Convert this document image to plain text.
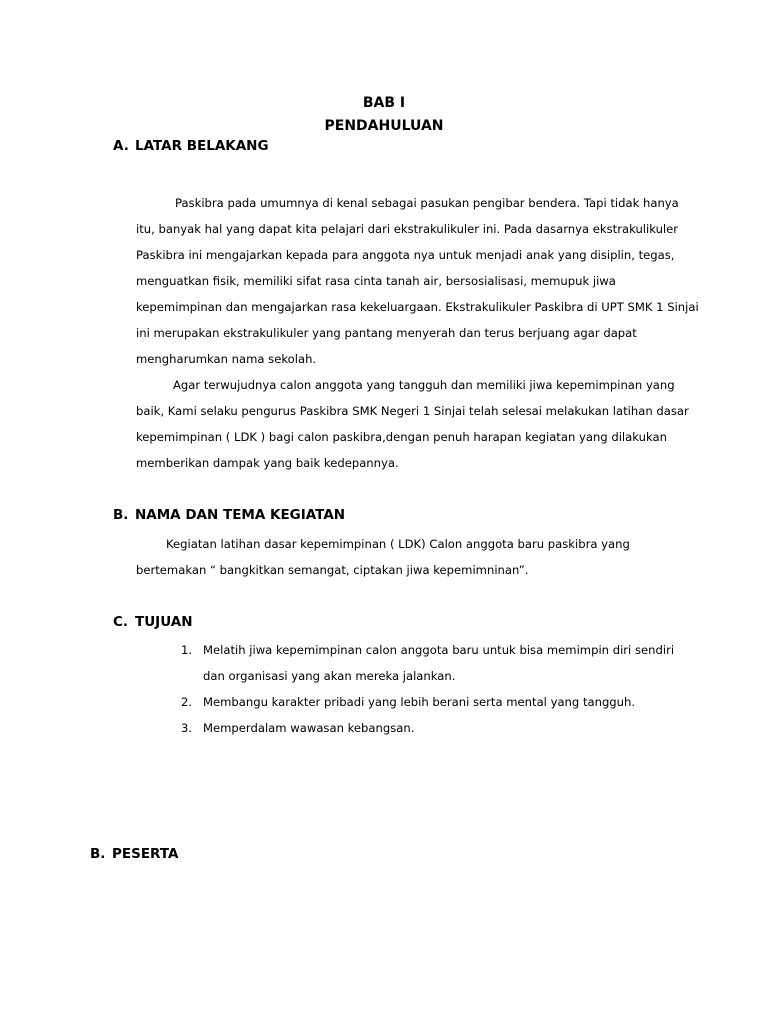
BAB I
PENDAHULUAN
A. LATAR BELAKANG
Paskibra pada umumnya di kenal sebagai pasukan pengibar bendera. Tapi tidak hanya
itu, banyak hal yang dapat kita pelajari dari ekstrakulikuler ini. Pada dasarnya ekstrakulikuler
Paskibra ini mengajarkan kepada para anggota nya untuk menjadi anak yang disiplin, tegas,
menguatkan fisik, memiliki sifat rasa cinta tanah air, bersosialisasi, memupuk jiwa
kepemimpinan dan mengajarkan rasa kekeluargaan. Ekstrakulikuler Paskibra di UPT SMK 1 Sinjai
ini merupakan ekstrakulikuler yang pantang menyerah dan terus berjuang agar dapat
mengharumkan nama sekolah.
Agar terwujudnya calon anggota yang tangguh dan memiliki jiwa kepemimpinan yang
baik, Kami selaku pengurus Paskibra SMK Negeri 1 Sinjai telah selesai melakukan latihan dasar
kepemimpinan ( LDK ) bagi calon paskibra,dengan penuh harapan kegiatan yang dilakukan
memberikan dampak yang baik kedepannya.
B. NAMA DAN TEMA KEGIATAN
Kegiatan latihan dasar kepemimpinan ( LDK) Calon anggota baru paskibra yang
bertemakan “ bangkitkan semangat, ciptakan jiwa kepemimninan”.
C. TUJUAN
1. Melatih jiwa kepemimpinan calon anggota baru untuk bisa memimpin diri sendiri
dan organisasi yang akan mereka jalankan.
2. Membangu karakter pribadi yang lebih berani serta mental yang tangguh.
3. Memperdalam wawasan kebangsan.
B. PESERTA
